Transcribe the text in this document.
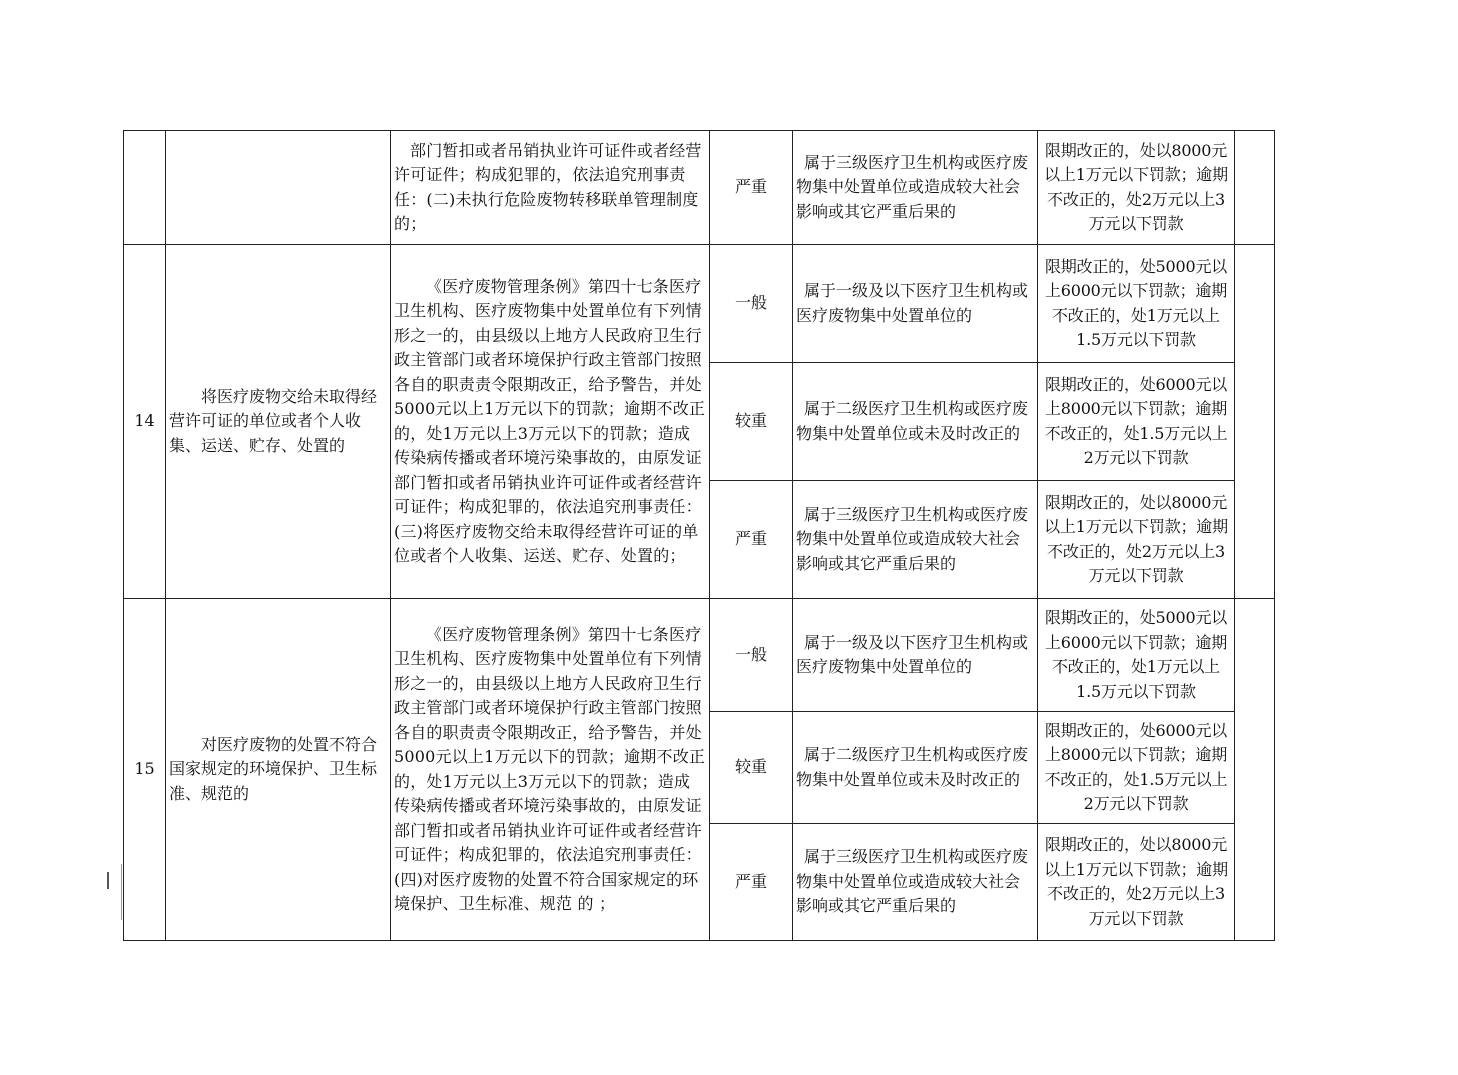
		部门暂扣或者吊销执业许可证件或者经营许可证件；构成犯罪的，依法追究刑事责任：(二)未执行危险废物转移联单管理制度的；	严重	属于三级医疗卫生机构或医疗废物集中处置单位或造成较大社会影响或其它严重后果的	限期改正的，处以8000元以上1万元以下罚款；逾期不改正的，处2万元以上3万元以下罚款	
14	将医疗废物交给未取得经营许可证的单位或者个人收集、运送、贮存、处置的	《医疗废物管理条例》第四十七条医疗卫生机构、医疗废物集中处置单位有下列情形之一的，由县级以上地方人民政府卫生行政主管部门或者环境保护行政主管部门按照各自的职责责令限期改正，给予警告，并处5000元以上1万元以下的罚款；逾期不改正的，处1万元以上3万元以下的罚款；造成传染病传播或者环境污染事故的，由原发证部门暂扣或者吊销执业许可证件或者经营许可证件；构成犯罪的，依法追究刑事责任：(三)将医疗废物交给未取得经营许可证的单位或者个人收集、运送、贮存、处置的；	一般	属于一级及以下医疗卫生机构或医疗废物集中处置单位的	限期改正的，处5000元以上6000元以下罚款；逾期不改正的，处1万元以上1.5万元以下罚款	
			较重	属于二级医疗卫生机构或医疗废物集中处置单位或未及时改正的	限期改正的，处6000元以上8000元以下罚款；逾期不改正的，处1.5万元以上2万元以下罚款	
			严重	属于三级医疗卫生机构或医疗废物集中处置单位或造成较大社会影响或其它严重后果的	限期改正的，处以8000元以上1万元以下罚款；逾期不改正的，处2万元以上3万元以下罚款	
15	对医疗废物的处置不符合国家规定的环境保护、卫生标准、规范的	《医疗废物管理条例》第四十七条医疗卫生机构、医疗废物集中处置单位有下列情形之一的，由县级以上地方人民政府卫生行政主管部门或者环境保护行政主管部门按照各自的职责责令限期改正，给予警告，并处5000元以上1万元以下的罚款；逾期不改正的，处1万元以上3万元以下的罚款；造成传染病传播或者环境污染事故的，由原发证部门暂扣或者吊销执业许可证件或者经营许可证件；构成犯罪的，依法追究刑事责任：(四)对医疗废物的处置不符合国家规定的环境保护、卫生标准、规范 的 ；	一般	属于一级及以下医疗卫生机构或医疗废物集中处置单位的	限期改正的，处5000元以上6000元以下罚款；逾期不改正的，处1万元以上1.5万元以下罚款	
			较重	属于二级医疗卫生机构或医疗废物集中处置单位或未及时改正的	限期改正的，处6000元以上8000元以下罚款；逾期不改正的，处1.5万元以上2万元以下罚款	
			严重	属于三级医疗卫生机构或医疗废物集中处置单位或造成较大社会影响或其它严重后果的	限期改正的，处以8000元以上1万元以下罚款；逾期不改正的，处2万元以上3万元以下罚款	
